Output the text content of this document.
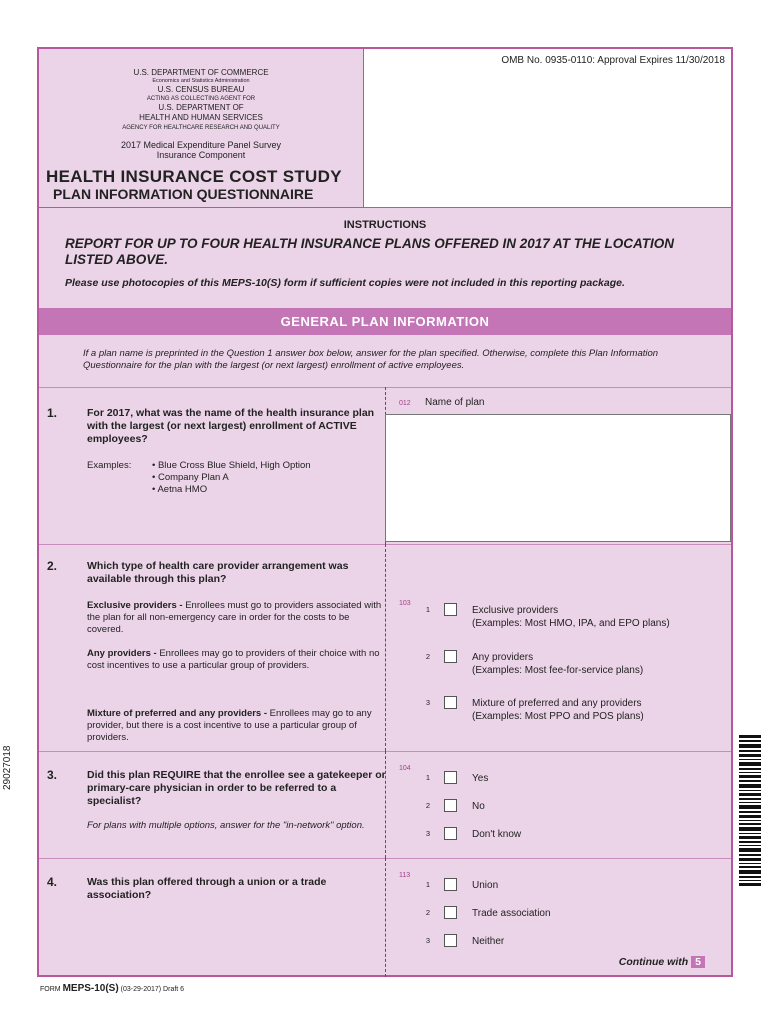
U.S. DEPARTMENT OF COMMERCE
Economics and Statistics Administration
U.S. CENSUS BUREAU
ACTING AS COLLECTING AGENT FOR
U.S. DEPARTMENT OF
HEALTH AND HUMAN SERVICES
AGENCY FOR HEALTHCARE RESEARCH AND QUALITY
2017 Medical Expenditure Panel Survey
Insurance Component
HEALTH INSURANCE COST STUDY
PLAN INFORMATION QUESTIONNAIRE
OMB No. 0935-0110: Approval Expires 11/30/2018
INSTRUCTIONS
REPORT FOR UP TO FOUR HEALTH INSURANCE PLANS OFFERED IN 2017 AT THE LOCATION LISTED ABOVE.
Please use photocopies of this MEPS-10(S) form if sufficient copies were not included in this reporting package.
GENERAL PLAN INFORMATION
If a plan name is preprinted in the Question 1 answer box below, answer for the plan specified. Otherwise, complete this Plan Information Questionnaire for the plan with the largest (or next largest) enrollment of active employees.
1.	For 2017, what was the name of the health insurance plan with the largest (or next largest) enrollment of ACTIVE employees?
Examples:	• Blue Cross Blue Shield, High Option
• Company Plan A
• Aetna HMO
012 Name of plan
2.	Which type of health care provider arrangement was available through this plan?
Exclusive providers - Enrollees must go to providers associated with the plan for all non-emergency care in order for the costs to be covered.
Any providers - Enrollees may go to providers of their choice with no cost incentives to use a particular group of providers.
Mixture of preferred and any providers - Enrollees may go to any provider, but there is a cost incentive to use a particular group of providers.
103
1	Exclusive providers
(Examples: Most HMO, IPA, and EPO plans)
2	Any providers
(Examples: Most fee-for-service plans)
3	Mixture of preferred and any providers
(Examples: Most PPO and POS plans)
3.	Did this plan REQUIRE that the enrollee see a gatekeeper or primary-care physician in order to be referred to a specialist?
For plans with multiple options, answer for the "in-network" option.
104
1	Yes
2	No
3	Don't know
4.	Was this plan offered through a union or a trade association?
113
1	Union
2	Trade association
3	Neither
Continue with 5
FORM MEPS-10(S) (03-29-2017) Draft 6
29027018
